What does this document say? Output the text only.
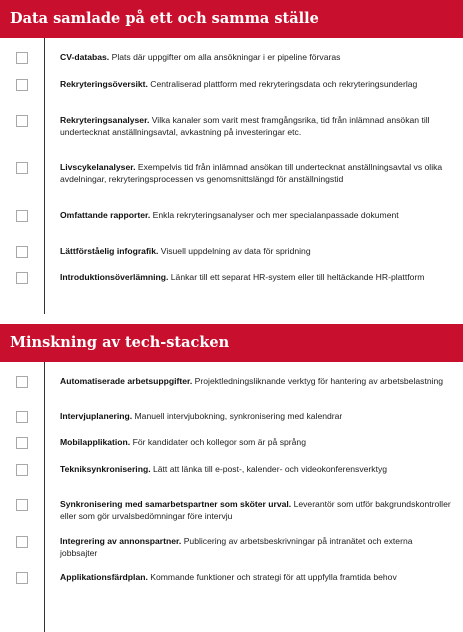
Data samlade på ett och samma ställe
CV-databas. Plats där uppgifter om alla ansökningar i er pipeline förvaras
Rekryteringsöversikt. Centraliserad plattform med rekryteringsdata och rekryteringsunderlag
Rekryteringsanalyser. Vilka kanaler som varit mest framgångsrika, tid från inlämnad ansökan till undertecknat anställningsavtal, avkastning på investeringar etc.
Livscykelanalyser. Exempelvis tid från inlämnad ansökan till undertecknat anställningsavtal vs olika avdelningar, rekryteringsprocessen vs genomsnittslängd för anställningstid
Omfattande rapporter. Enkla rekryteringsanalyser och mer specialanpassade dokument
Lättförståelig infografik. Visuell uppdelning av data för spridning
Introduktionsöverlämning. Länkar till ett separat HR-system eller till heltäckande HR-plattform
Minskning av tech-stacken
Automatiserade arbetsuppgifter. Projektledningsliknande verktyg för hantering av arbetsbelastning
Intervjuplanering. Manuell intervjubokning, synkronisering med kalendrar
Mobilapplikation. För kandidater och kollegor som är på språng
Tekniksynkronisering. Lätt att länka till e-post-, kalender- och videokonferensverktyg
Synkronisering med samarbetspartner som sköter urval. Leverantör som utför bakgrundskontroller eller som gör urvalsbedömningar före intervju
Integrering av annonspartner. Publicering av arbetsbeskrivningar på intranätet och externa jobbsajter
Applikationsfärdplan. Kommande funktioner och strategi för att uppfylla framtida behov
